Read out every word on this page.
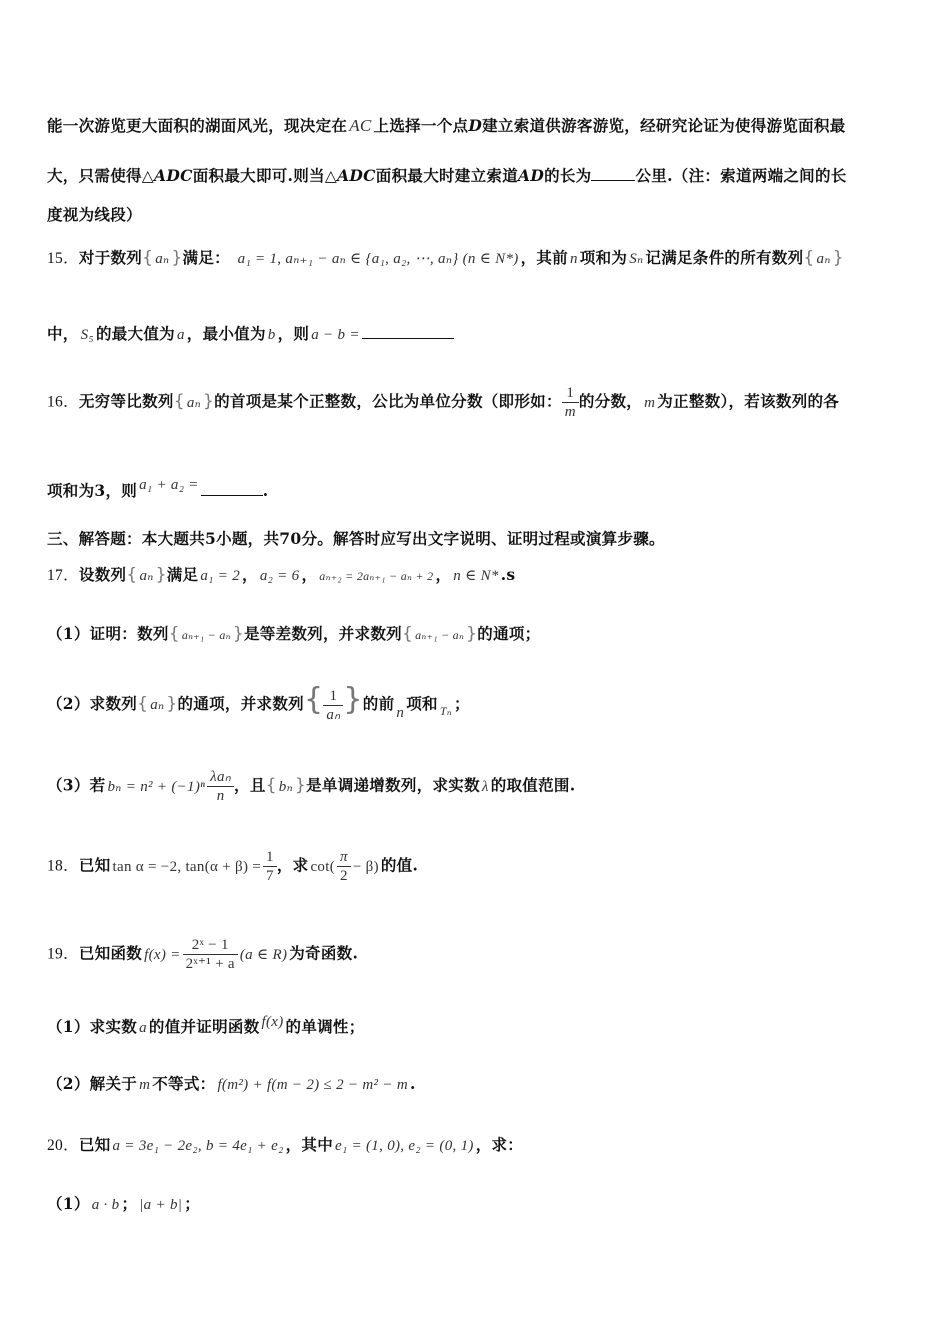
能一次游览更大面积的湖面风光，现决定在 AC 上选择一个点D建立索道供游客游览，经研究论证为使得游览面积最
大，只需使得△ADC面积最大即可.则当△ADC面积最大时建立索道AD的长为	公里.（注：索道两端之间的长
度视为线段）
15．对于数列{ aₙ }满足： a₁ = 1, aₙ₊₁ − aₙ ∈ {a₁, a₂, ⋯, aₙ} (n ∈ N*) ，其前 n 项和为 Sₙ 记满足条件的所有数列{ aₙ }
中， S₅ 的最大值为 a ，最小值为 b ，则 a − b =
16．无穷等比数列{ aₙ }的首项是某个正整数，公比为单位分数（即形如： $\frac{1}{m}$ 的分数， m 为正整数），若该数列的各
项和为3，则 a₁ + a₂ =	.
三、解答题：本大题共5小题，共70分。解答时应写出文字说明、证明过程或演算步骤。
17．设数列{ aₙ }满足 a₁ = 2 ， a₂ = 6 ， aₙ₊₂ = 2aₙ₊₁ − aₙ + 2 ， n ∈ N* .s
（1）证明：数列{ aₙ₊₁ − aₙ }是等差数列，并求数列{ aₙ₊₁ − aₙ }的通项；
（2）求数列{ aₙ }的通项，并求数列{ $\frac{1}{\text{aₙ}}$ }的前 n 项和 $_{T_n}$ ；
（3）若 $b_n = n^2 + (-1)^n \frac{\text{λaₙ}}{n}$ ，且{ bₙ }是单调递增数列，求实数 λ 的取值范围.
18．已知 tan α = −2, $\tan(\alpha + \beta) = \frac{1}{7}$ ，求 $\cot( \frac{\pi}{2} - \beta)$ 的值.
19．已知函数 $f(x) = \frac{\text{2ˣ − 1}}{\text{2ˣ⁺¹ + a}} (a$ ∈ R) 为奇函数.
（1）求实数 a 的值并证明函数 f(x) 的单调性；
（2）解关于 m 不等式： f(m²) + f(m − 2) ≤ 2 − m² − m .
20．已知 a = 3e₁ − 2e₂, b = 4e₁ + e₂ ，其中 e₁ = (1, 0), e₂ = (0, 1) ，求：
（1） a · b ； |a + b| ；
